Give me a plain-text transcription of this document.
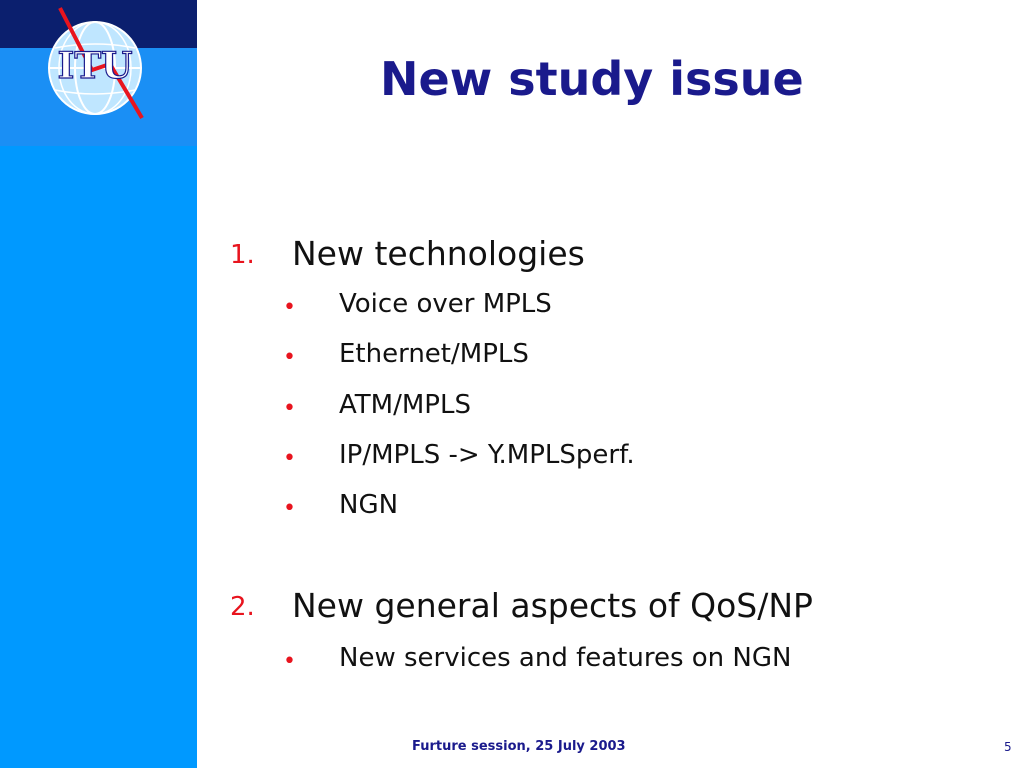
ITU	New study issue
1. New technologies
• Voice over MPLS
• Ethernet/MPLS
• ATM/MPLS
• IP/MPLS -> Y.MPLSperf.
• NGN
2. New general aspects of QoS/NP
• New services and features on NGN
Furture session, 25 July 2003	5
